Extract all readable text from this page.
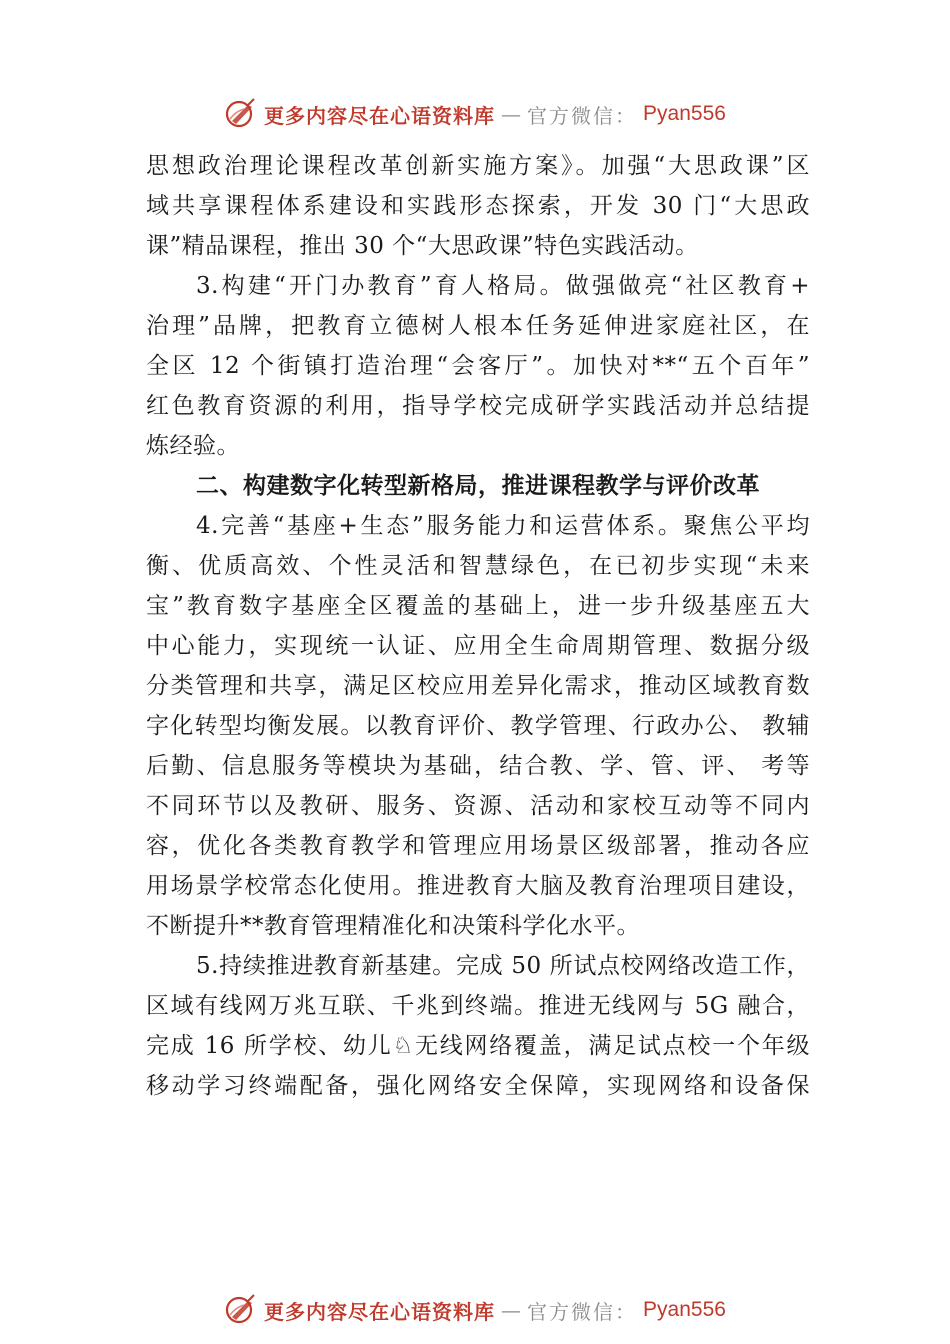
更多内容尽在心语资料库 — 官方微信： Pyan556
思想政治理论课程改革创新实施方案》。加强“大思政课”区
域共享课程体系建设和实践形态探索，开发 30 门“大思政
课”精品课程，推出 30 个“大思政课”特色实践活动。
3.构建“开门办教育”育人格局。做强做亮“社区教育+
治理”品牌，把教育立德树人根本任务延伸进家庭社区，在
全区 12 个街镇打造治理“会客厅”。加快对**“五个百年”
红色教育资源的利用，指导学校完成研学实践活动并总结提
炼经验。
二、构建数字化转型新格局，推进课程教学与评价改革
4.完善“基座+生态”服务能力和运营体系。聚焦公平均
衡、优质高效、个性灵活和智慧绿色，在已初步实现“未来
宝”教育数字基座全区覆盖的基础上，进一步升级基座五大
中心能力，实现统一认证、应用全生命周期管理、数据分级
分类管理和共享，满足区校应用差异化需求，推动区域教育数
字化转型均衡发展。以教育评价、教学管理、行政办公、 教辅
后勤、信息服务等模块为基础，结合教、学、管、评、 考等
不同环节以及教研、服务、资源、活动和家校互动等不同内
容，优化各类教育教学和管理应用场景区级部署，推动各应
用场景学校常态化使用。推进教育大脑及教育治理项目建设，
不断提升**教育管理精准化和决策科学化水平。
5.持续推进教育新基建。完成 50 所试点校网络改造工作，
区域有线网万兆互联、千兆到终端。推进无线网与 5G 融合，
完成 16 所学校、幼儿♘无线网络覆盖，满足试点校一个年级
移动学习终端配备，强化网络安全保障，实现网络和设备保
更多内容尽在心语资料库 — 官方微信： Pyan556
